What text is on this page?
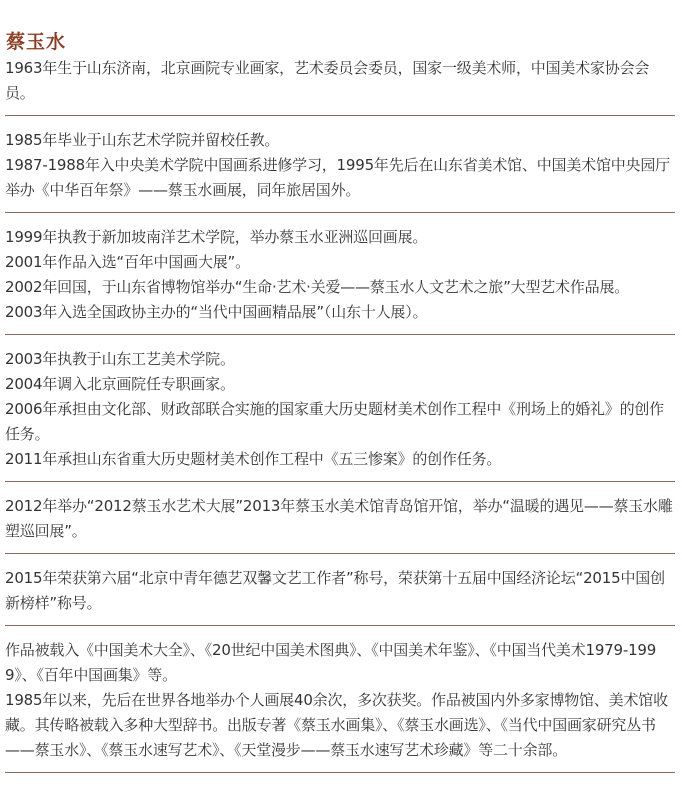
蔡玉水

1963年生于山东济南，北京画院专业画家，艺术委员会委员，国家一级美术师，中国美术家协会会员。

1985年毕业于山东艺术学院并留校任教。

1987-1988年入中央美术学院中国画系进修学习，1995年先后在山东省美术馆、中国美术馆中央园厅举办《中华百年祭》——蔡玉水画展，同年旅居国外。

1999年执教于新加坡南洋艺术学院，举办蔡玉水亚洲巡回画展。

2001年作品入选“百年中国画大展”。

2002年回国，于山东省博物馆举办“生命·艺术·关爱——蔡玉水人文艺术之旅”大型艺术作品展。

2003年入选全国政协主办的“当代中国画精品展”（山东十人展）。

2003年执教于山东工艺美术学院。

2004年调入北京画院任专职画家。

2006年承担由文化部、财政部联合实施的国家重大历史题材美术创作工程中《刑场上的婚礼》的创作任务。

2011年承担山东省重大历史题材美术创作工程中《五三惨案》的创作任务。

2012年举办“2012蔡玉水艺术大展”2013年蔡玉水美术馆青岛馆开馆，举办“温暖的遇见——蔡玉水雕塑巡回展”。

2015年荣获第六届“北京中青年德艺双馨文艺工作者”称号，荣获第十五届中国经济论坛“2015中国创新榜样”称号。

作品被载入《中国美术大全》、《20世纪中国美术图典》、《中国美术年鉴》、《中国当代美术1979-1999》、《百年中国画集》等。

1985年以来，先后在世界各地举办个人画展40余次，多次获奖。作品被国内外多家博物馆、美术馆收藏。其传略被载入多种大型辞书。出版专著《蔡玉水画集》、《蔡玉水画选》、《当代中国画家研究丛书——蔡玉水》、《蔡玉水速写艺术》、《天堂漫步——蔡玉水速写艺术珍藏》等二十余部。
